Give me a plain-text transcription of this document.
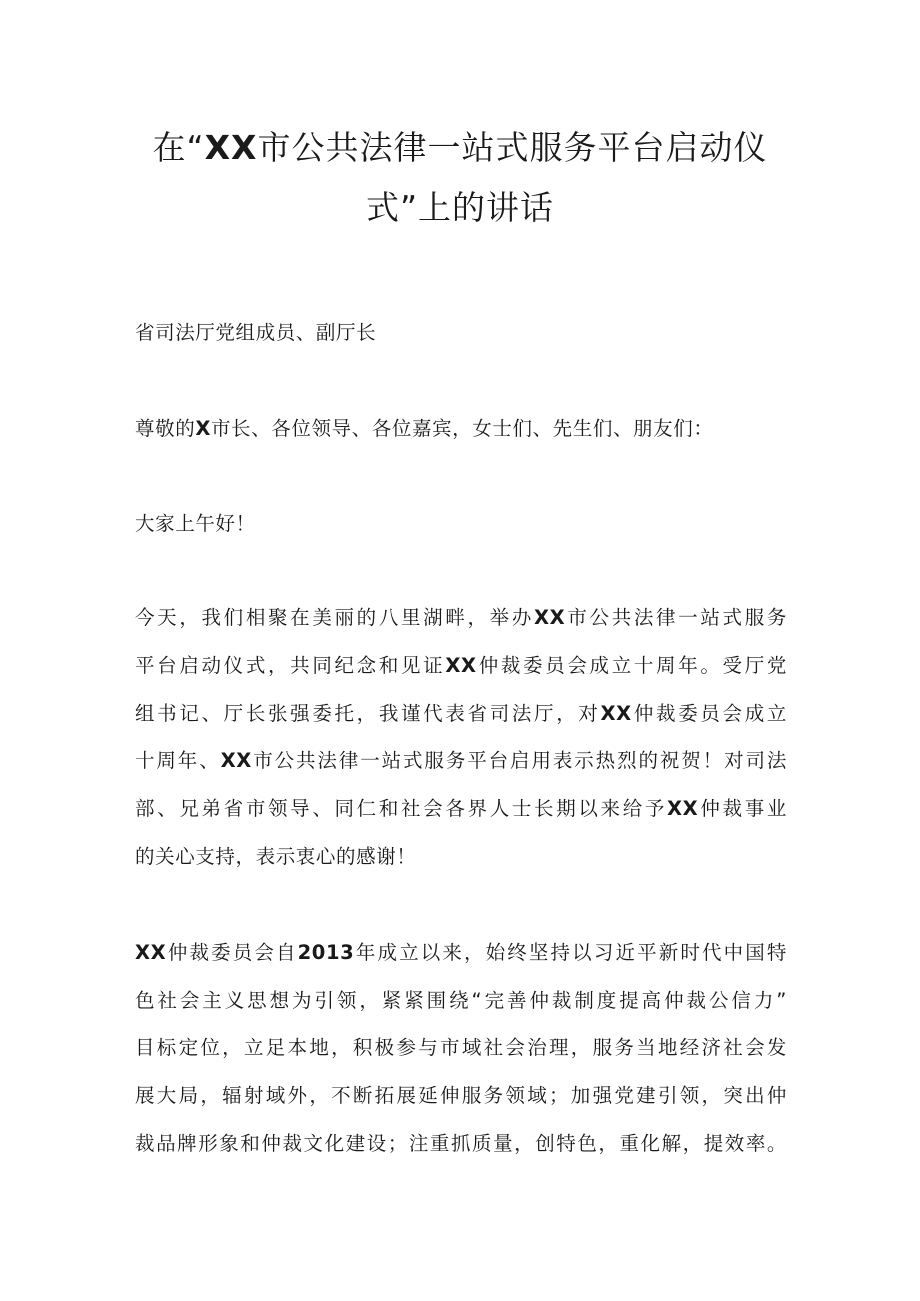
在“XX市公共法律一站式服务平台启动仪
式”上的讲话

省司法厅党组成员、副厅长

尊敬的X市长、各位领导、各位嘉宾，女士们、先生们、朋友们：

大家上午好！

今天，我们相聚在美丽的八里湖畔，举办XX市公共法律一站式服务

平台启动仪式，共同纪念和见证XX仲裁委员会成立十周年。受厅党

组书记、厅长张强委托，我谨代表省司法厅，对XX仲裁委员会成立

十周年、XX市公共法律一站式服务平台启用表示热烈的祝贺！对司法

部、兄弟省市领导、同仁和社会各界人士长期以来给予XX仲裁事业

的关心支持，表示衷心的感谢！

XX仲裁委员会自2013年成立以来，始终坚持以习近平新时代中国特

色社会主义思想为引领，紧紧围绕“完善仲裁制度提高仲裁公信力”

目标定位，立足本地，积极参与市域社会治理，服务当地经济社会发

展大局，辐射域外，不断拓展延伸服务领域；加强党建引领，突出仲

裁品牌形象和仲裁文化建设；注重抓质量，创特色，重化解，提效率。
